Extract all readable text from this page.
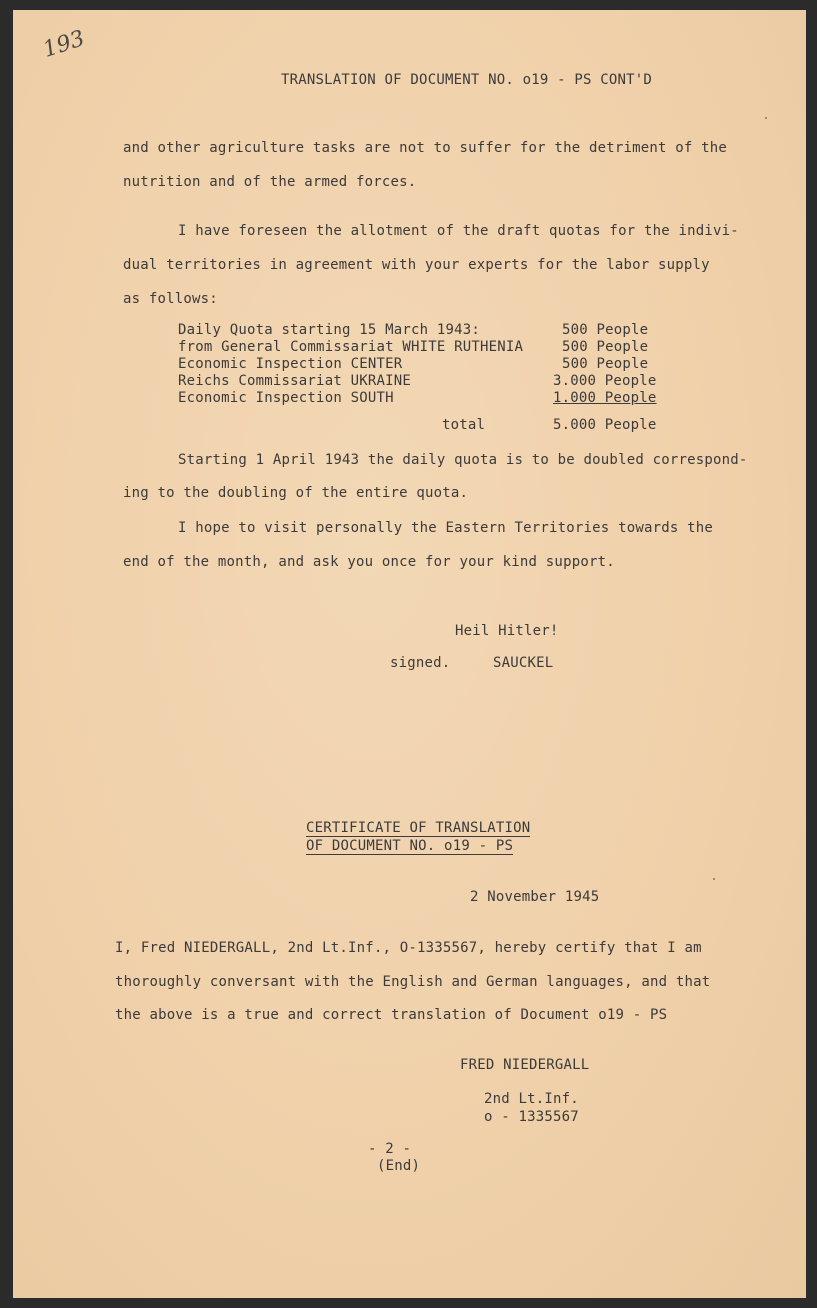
193
TRANSLATION OF DOCUMENT NO. o19 - PS CONT'D
and other agriculture tasks are not to suffer for the detriment of the
nutrition and of the armed forces.
I have foreseen the allotment of the draft quotas for the indivi-
dual territories in agreement with your experts for the labor supply
as follows:
Daily Quota starting 15 March 1943:	500 People
from General Commissariat WHITE RUTHENIA	500 People
Economic Inspection CENTER	500 People
Reichs Commissariat UKRAINE	3.000 People
Economic Inspection SOUTH	1.000 People
total	5.000 People
Starting 1 April 1943 the daily quota is to be doubled correspond-
ing to the doubling of the entire quota.
I hope to visit personally the Eastern Territories towards the
end of the month, and ask you once for your kind support.
Heil Hitler!
signed.	SAUCKEL
CERTIFICATE OF TRANSLATION
OF DOCUMENT NO. o19 - PS
2 November 1945
I, Fred NIEDERGALL, 2nd Lt.Inf., O-1335567, hereby certify that I am
thoroughly conversant with the English and German languages, and that
the above is a true and correct translation of Document o19 - PS
FRED NIEDERGALL
2nd Lt.Inf.
o - 1335567
- 2 -
(End)
